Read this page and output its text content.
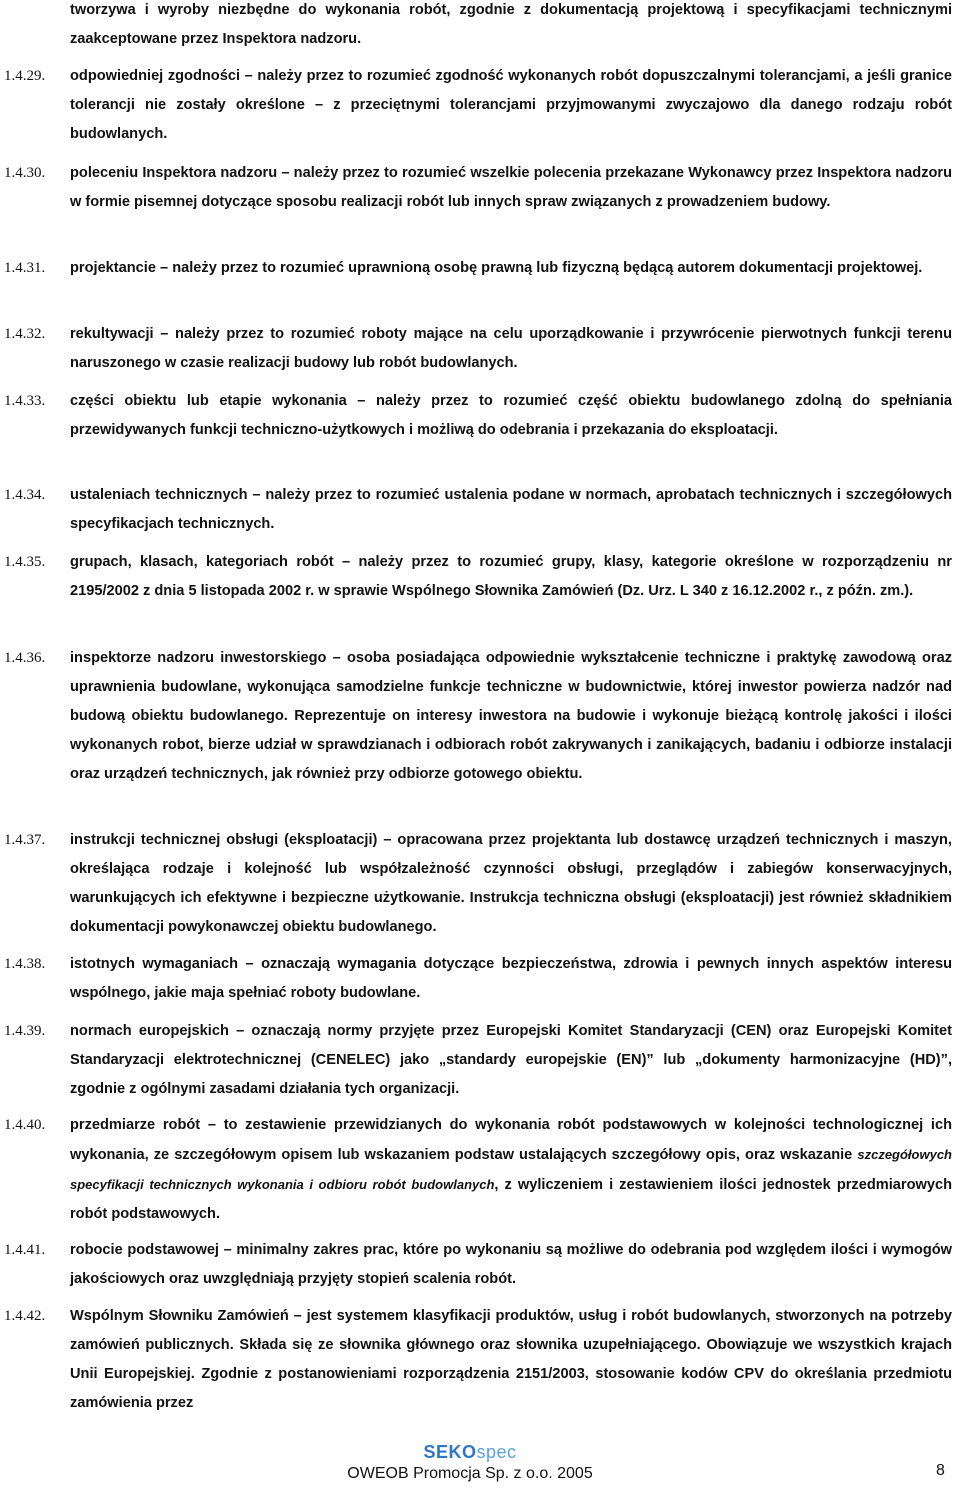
tworzywa i wyroby niezbędne do wykonania robót, zgodnie z dokumentacją projektową i specyfikacjami technicznymi zaakceptowane przez Inspektora nadzoru.
1.4.29. odpowiedniej zgodności – należy przez to rozumieć zgodność wykonanych robót dopuszczalnymi tolerancjami, a jeśli granice tolerancji nie zostały określone – z przeciętnymi tolerancjami przyjmowanymi zwyczajowo dla danego rodzaju robót budowlanych.
1.4.30. poleceniu Inspektora nadzoru – należy przez to rozumieć wszelkie polecenia przekazane Wykonawcy przez Inspektora nadzoru w formie pisemnej dotyczące sposobu realizacji robót lub innych spraw związanych z prowadzeniem budowy.
1.4.31. projektancie – należy przez to rozumieć uprawnioną osobę prawną lub fizyczną będącą autorem dokumentacji projektowej.
1.4.32. rekultywacji – należy przez to rozumieć roboty mające na celu uporządkowanie i przywrócenie pierwotnych funkcji terenu naruszonego w czasie realizacji budowy lub robót budowlanych.
1.4.33. części obiektu lub etapie wykonania – należy przez to rozumieć część obiektu budowlanego zdolną do spełniania przewidywanych funkcji techniczno-użytkowych i możliwą do odebrania i przekazania do eksploatacji.
1.4.34. ustaleniach technicznych – należy przez to rozumieć ustalenia podane w normach, aprobatach technicznych i szczegółowych specyfikacjach technicznych.
1.4.35. grupach, klasach, kategoriach robót – należy przez to rozumieć grupy, klasy, kategorie określone w rozporządzeniu nr 2195/2002 z dnia 5 listopada 2002 r. w sprawie Wspólnego Słownika Zamówień (Dz. Urz. L 340 z 16.12.2002 r., z późn. zm.).
1.4.36. inspektorze nadzoru inwestorskiego – osoba posiadająca odpowiednie wykształcenie techniczne i praktykę zawodową oraz uprawnienia budowlane, wykonująca samodzielne funkcje techniczne w budownictwie, której inwestor powierza nadzór nad budową obiektu budowlanego. Reprezentuje on interesy inwestora na budowie i wykonuje bieżącą kontrolę jakości i ilości wykonanych robot, bierze udział w sprawdzianach i odbiorach robót zakrywanych i zanikających, badaniu i odbiorze instalacji oraz urządzeń technicznych, jak również przy odbiorze gotowego obiektu.
1.4.37. instrukcji technicznej obsługi (eksploatacji) – opracowana przez projektanta lub dostawcę urządzeń technicznych i maszyn, określająca rodzaje i kolejność lub współzależność czynności obsługi, przeglądów i zabiegów konserwacyjnych, warunkujących ich efektywne i bezpieczne użytkowanie. Instrukcja techniczna obsługi (eksploatacji) jest również składnikiem dokumentacji powykonawczej obiektu budowlanego.
1.4.38. istotnych wymaganiach – oznaczają wymagania dotyczące bezpieczeństwa, zdrowia i pewnych innych aspektów interesu wspólnego, jakie maja spełniać roboty budowlane.
1.4.39. normach europejskich – oznaczają normy przyjęte przez Europejski Komitet Standaryzacji (CEN) oraz Europejski Komitet Standaryzacji elektrotechnicznej (CENELEC) jako „standardy europejskie (EN)” lub „dokumenty harmonizacyjne (HD)”, zgodnie z ogólnymi zasadami działania tych organizacji.
1.4.40. przedmiarze robót – to zestawienie przewidzianych do wykonania robót podstawowych w kolejności technologicznej ich wykonania, ze szczegółowym opisem lub wskazaniem podstaw ustalających szczegółowy opis, oraz wskazanie szczegółowych specyfikacji technicznych wykonania i odbioru robót budowlanych, z wyliczeniem i zestawieniem ilości jednostek przedmiarowych robót podstawowych.
1.4.41. robocie podstawowej – minimalny zakres prac, które po wykonaniu są możliwe do odebrania pod względem ilości i wymogów jakościowych oraz uwzględniają przyjęty stopień scalenia robót.
1.4.42. Wspólnym Słowniku Zamówień – jest systemem klasyfikacji produktów, usług i robót budowlanych, stworzonych na potrzeby zamówień publicznych. Składa się ze słownika głównego oraz słownika uzupełniającego. Obowiązuje we wszystkich krajach Unii Europejskiej. Zgodnie z postanowieniami rozporządzenia 2151/2003, stosowanie kodów CPV do określania przedmiotu zamówienia przez
SEKOspec
OWEOB Promocja Sp. z o.o. 2005	8
